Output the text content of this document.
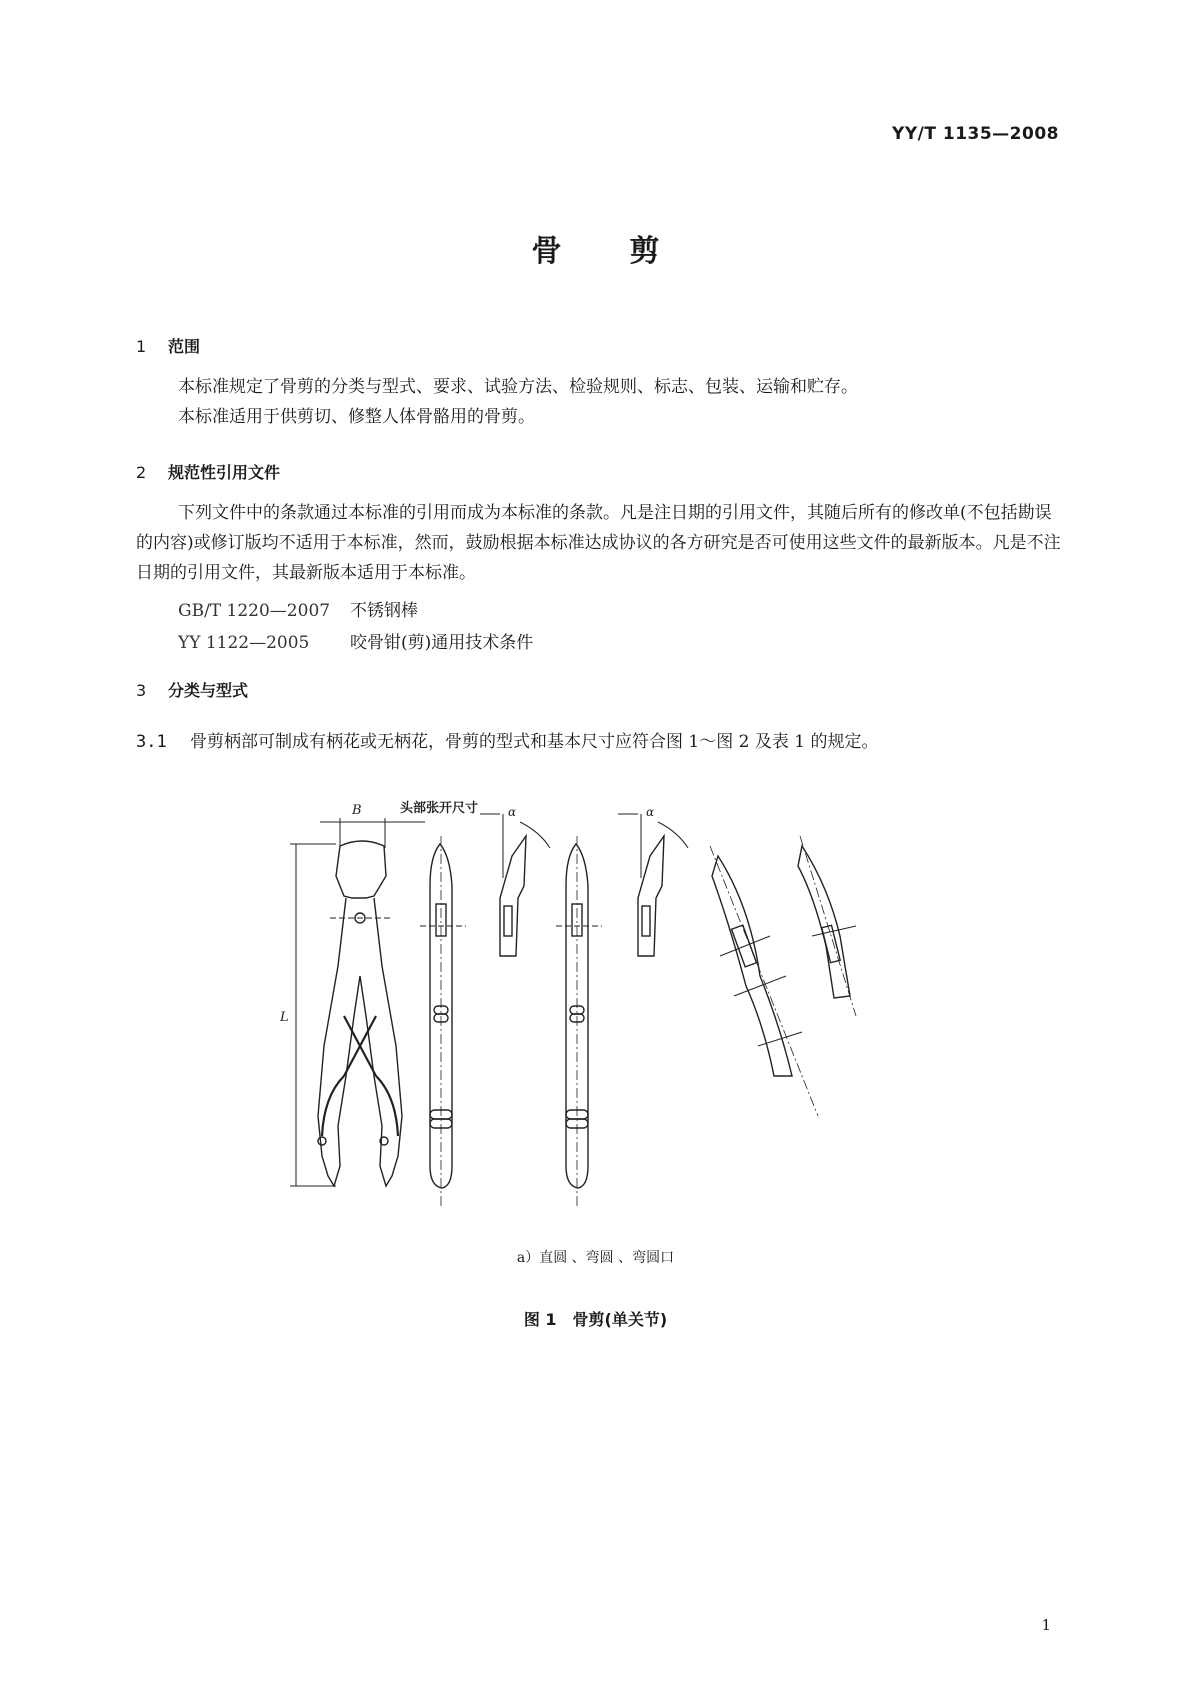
YY/T 1135—2008
骨 剪
1 范围
本标准规定了骨剪的分类与型式、要求、试验方法、检验规则、标志、包装、运输和贮存。
本标准适用于供剪切、修整人体骨骼用的骨剪。
2 规范性引用文件
下列文件中的条款通过本标准的引用而成为本标准的条款。凡是注日期的引用文件，其随后所有的修改单(不包括勘误的内容)或修订版均不适用于本标准，然而，鼓励根据本标准达成协议的各方研究是否可使用这些文件的最新版本。凡是不注日期的引用文件，其最新版本适用于本标准。
GB/T 1220—2007 不锈钢棒
YY 1122—2005 咬骨钳(剪)通用技术条件
3 分类与型式
3.1 骨剪柄部可制成有柄花或无柄花，骨剪的型式和基本尺寸应符合图 1～图 2 及表 1 的规定。
B	头部张开尺寸
L
α	α
a）直圆 、弯圆 、弯圆口
图 1　骨剪(单关节)
1
